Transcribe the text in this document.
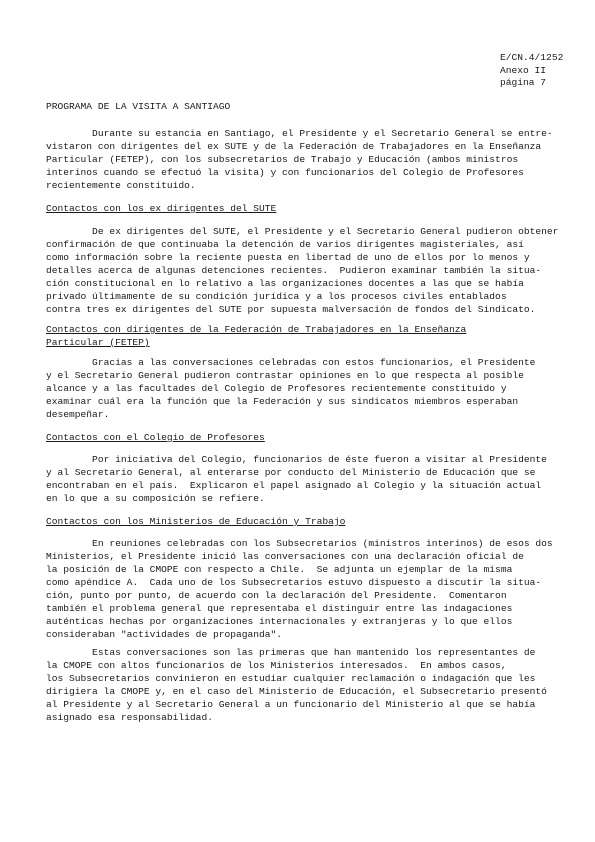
E/CN.4/1252
Anexo II
página 7
PROGRAMA DE LA VISITA A SANTIAGO
Durante su estancia en Santiago, el Presidente y el Secretario General se entre-
vistaron con dirigentes del ex SUTE y de la Federación de Trabajadores en la Enseñanza
Particular (FETEP), con los subsecretarios de Trabajo y Educación (ambos ministros
interinos cuando se efectuó la visita) y con funcionarios del Colegio de Profesores
recientemente constituido.
Contactos con los ex dirigentes del SUTE
De ex dirigentes del SUTE, el Presidente y el Secretario General pudieron obtener
confirmación de que continuaba la detención de varios dirigentes magisteriales, así
como información sobre la reciente puesta en libertad de uno de ellos por lo menos y
detalles acerca de algunas detenciones recientes.  Pudieron examinar también la situa-
ción constitucional en lo relativo a las organizaciones docentes a las que se había
privado últimamente de su condición jurídica y a los procesos civiles entablados
contra tres ex dirigentes del SUTE por supuesta malversación de fondos del Sindicato.
Contactos con dirigentes de la Federación de Trabajadores en la Enseñanza
Particular (FETEP)
Gracias a las conversaciones celebradas con estos funcionarios, el Presidente
y el Secretario General pudieron contrastar opiniones en lo que respecta al posible
alcance y a las facultades del Colegio de Profesores recientemente constituido y
examinar cuál era la función que la Federación y sus sindicatos miembros esperaban
desempeñar.
Contactos con el Colegio de Profesores
Por iniciativa del Colegio, funcionarios de éste fueron a visitar al Presidente
y al Secretario General, al enterarse por conducto del Ministerio de Educación que se
encontraban en el país.  Explicaron el papel asignado al Colegio y la situación actual
en lo que a su composición se refiere.
Contactos con los Ministerios de Educación y Trabajo
En reuniones celebradas con los Subsecretarios (ministros interinos) de esos dos
Ministerios, el Presidente inició las conversaciones con una declaración oficial de
la posición de la CMOPE con respecto a Chile.  Se adjunta un ejemplar de la misma
como apéndice A.  Cada uno de los Subsecretarios estuvo dispuesto a discutir la situa-
ción, punto por punto, de acuerdo con la declaración del Presidente.  Comentaron
también el problema general que representaba el distinguir entre las indagaciones
auténticas hechas por organizaciones internacionales y extranjeras y lo que ellos
consideraban "actividades de propaganda".
Estas conversaciones son las primeras que han mantenido los representantes de
la CMOPE con altos funcionarios de los Ministerios interesados.  En ambos casos,
los Subsecretarios convinieron en estudiar cualquier reclamación o indagación que les
dirigiera la CMOPE y, en el caso del Ministerio de Educación, el Subsecretario presentó
al Presidente y al Secretario General a un funcionario del Ministerio al que se había
asignado esa responsabilidad.
